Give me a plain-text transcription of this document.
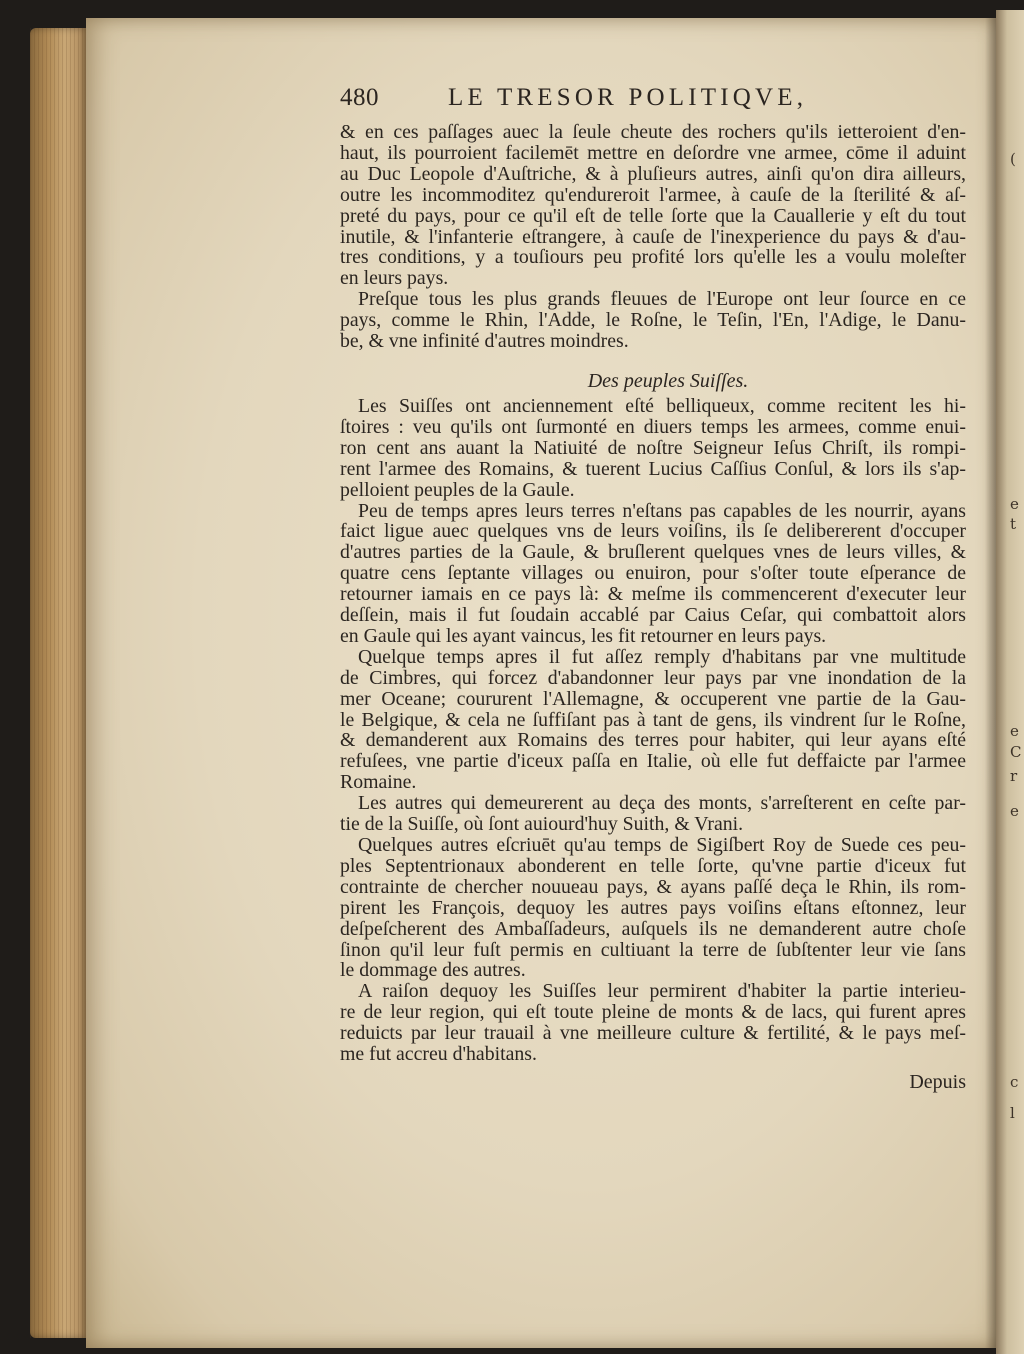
(
e
t
e
C
r
e
c
l
480	LE TRESOR POLITIQVE,
& en ces paſſages auec la ſeule cheute des rochers qu'ils ietteroient d'en-
haut, ils pourroient facilemēt mettre en deſordre vne armee, cōme il aduint
au Duc Leopole d'Auſtriche, & à pluſieurs autres, ainſi qu'on dira ailleurs,
outre les incommoditez qu'endureroit l'armee, à cauſe de la ſterilité & aſ-
preté du pays, pour ce qu'il eſt de telle ſorte que la Cauallerie y eſt du tout
inutile, & l'infanterie eſtrangere, à cauſe de l'inexperience du pays & d'au-
tres conditions, y a touſiours peu profité lors qu'elle les a voulu moleſter
en leurs pays.
Preſque tous les plus grands fleuues de l'Europe ont leur ſource en ce
pays, comme le Rhin, l'Adde, le Roſne, le Teſin, l'En, l'Adige, le Danu-
be, & vne infinité d'autres moindres.
Des peuples Suiſſes.
Les Suiſſes ont anciennement eſté belliqueux, comme recitent les hi-
ſtoires : veu qu'ils ont ſurmonté en diuers temps les armees, comme enui-
ron cent ans auant la Natiuité de noſtre Seigneur Ieſus Chriſt, ils rompi-
rent l'armee des Romains, & tuerent Lucius Caſſius Conſul, & lors ils s'ap-
pelloient peuples de la Gaule.
Peu de temps apres leurs terres n'eſtans pas capables de les nourrir, ayans
faict ligue auec quelques vns de leurs voiſins, ils ſe delibererent d'occuper
d'autres parties de la Gaule, & bruſlerent quelques vnes de leurs villes, &
quatre cens ſeptante villages ou enuiron, pour s'oſter toute eſperance de
retourner iamais en ce pays là: & meſme ils commencerent d'executer leur
deſſein, mais il fut ſoudain accablé par Caius Ceſar, qui combattoit alors
en Gaule qui les ayant vaincus, les fit retourner en leurs pays.
Quelque temps apres il fut aſſez remply d'habitans par vne multitude
de Cimbres, qui forcez d'abandonner leur pays par vne inondation de la
mer Oceane; coururent l'Allemagne, & occuperent vne partie de la Gau-
le Belgique, & cela ne ſuffiſant pas à tant de gens, ils vindrent ſur le Roſne,
& demanderent aux Romains des terres pour habiter, qui leur ayans eſté
refuſees, vne partie d'iceux paſſa en Italie, où elle fut deffaicte par l'armee
Romaine.
Les autres qui demeurerent au deça des monts, s'arreſterent en ceſte par-
tie de la Suiſſe, où ſont auiourd'huy Suith, & Vrani.
Quelques autres eſcriuēt qu'au temps de Sigiſbert Roy de Suede ces peu-
ples Septentrionaux abonderent en telle ſorte, qu'vne partie d'iceux fut
contrainte de chercher nouueau pays, & ayans paſſé deça le Rhin, ils rom-
pirent les François, dequoy les autres pays voiſins eſtans eſtonnez, leur
deſpeſcherent des Ambaſſadeurs, auſquels ils ne demanderent autre choſe
ſinon qu'il leur fuſt permis en cultiuant la terre de ſubſtenter leur vie ſans
le dommage des autres.
A raiſon dequoy les Suiſſes leur permirent d'habiter la partie interieu-
re de leur region, qui eſt toute pleine de monts & de lacs, qui furent apres
reduicts par leur trauail à vne meilleure culture & fertilité, & le pays meſ-
me fut accreu d'habitans.
Depuis
